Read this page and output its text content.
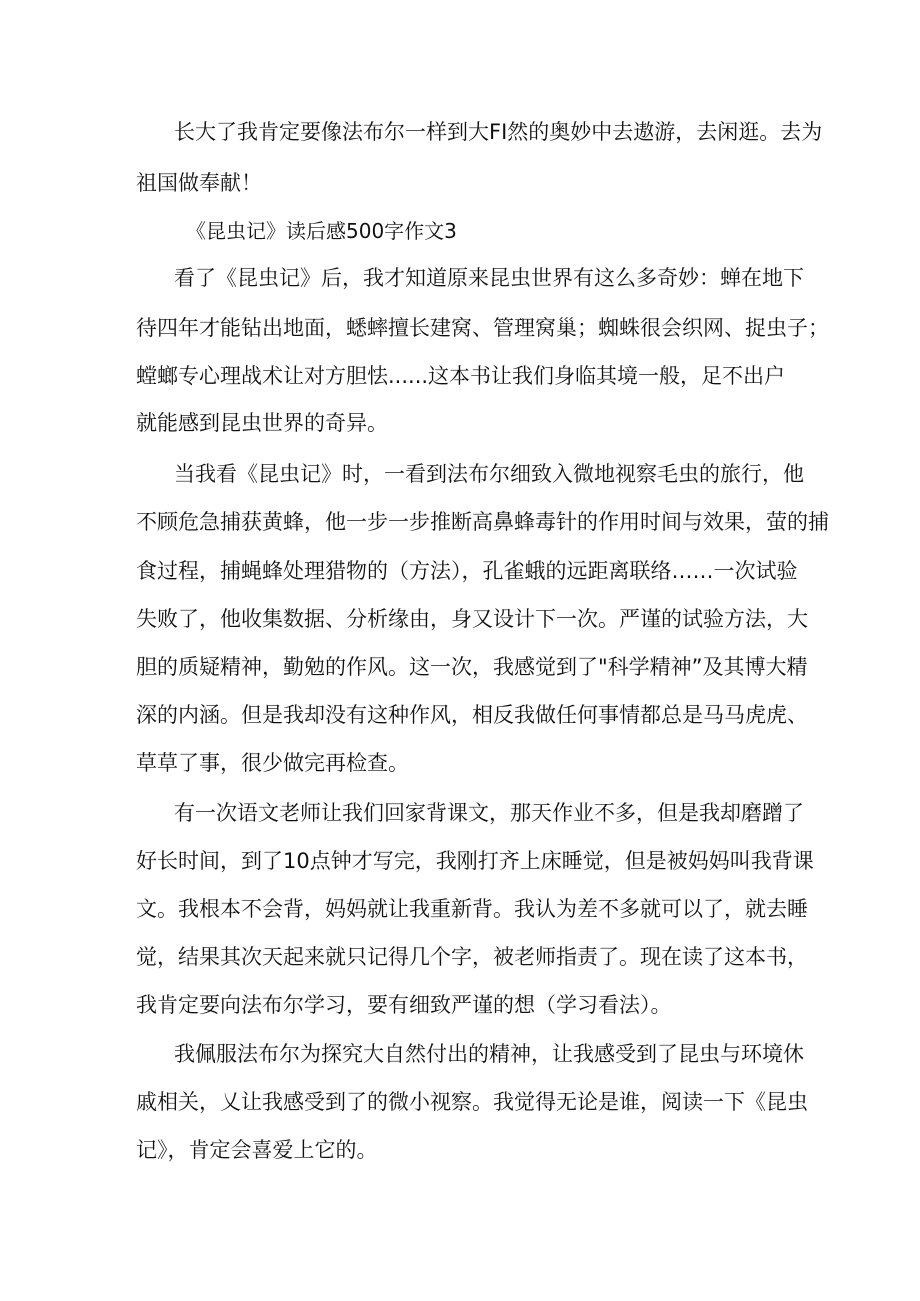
长大了我肯定要像法布尔一样到大FI然的奥妙中去遨游，去闲逛。去为
祖国做奉献！
《昆虫记》读后感500字作文3
看了《昆虫记》后，我才知道原来昆虫世界有这么多奇妙：蝉在地下
待四年才能钻出地面，蟋蟀擅长建窝、管理窝巢；蜘蛛很会织网、捉虫子；
螳螂专心理战术让对方胆怯......这本书让我们身临其境一般，足不出户
就能感到昆虫世界的奇异。
当我看《昆虫记》时，一看到法布尔细致入微地视察毛虫的旅行，他
不顾危急捕获黄蜂，他一步一步推断高鼻蜂毒针的作用时间与效果，萤的捕
食过程，捕蝇蜂处理猎物的（方法），孔雀蛾的远距离联络……一次试验
失败了，他收集数据、分析缘由，身又设计下一次。严谨的试验方法，大
胆的质疑精神，勤勉的作风。这一次，我感觉到了"科学精神”及其博大精
深的内涵。但是我却没有这种作风，相反我做任何事情都总是马马虎虎、
草草了事，很少做完再检查。
有一次语文老师让我们回家背课文，那天作业不多，但是我却磨蹭了
好长时间，到了10点钟才写完，我刚打齐上床睡觉，但是被妈妈叫我背课
文。我根本不会背，妈妈就让我重新背。我认为差不多就可以了，就去睡
觉，结果其次天起来就只记得几个字，被老师指责了。现在读了这本书，
我肯定要向法布尔学习，要有细致严谨的想（学习看法）。
我佩服法布尔为探究大自然付出的精神，让我感受到了昆虫与环境休
戚相关，乂让我感受到了的微小视察。我觉得无论是谁，阅读一下《昆虫
记》，肯定会喜爱上它的。
